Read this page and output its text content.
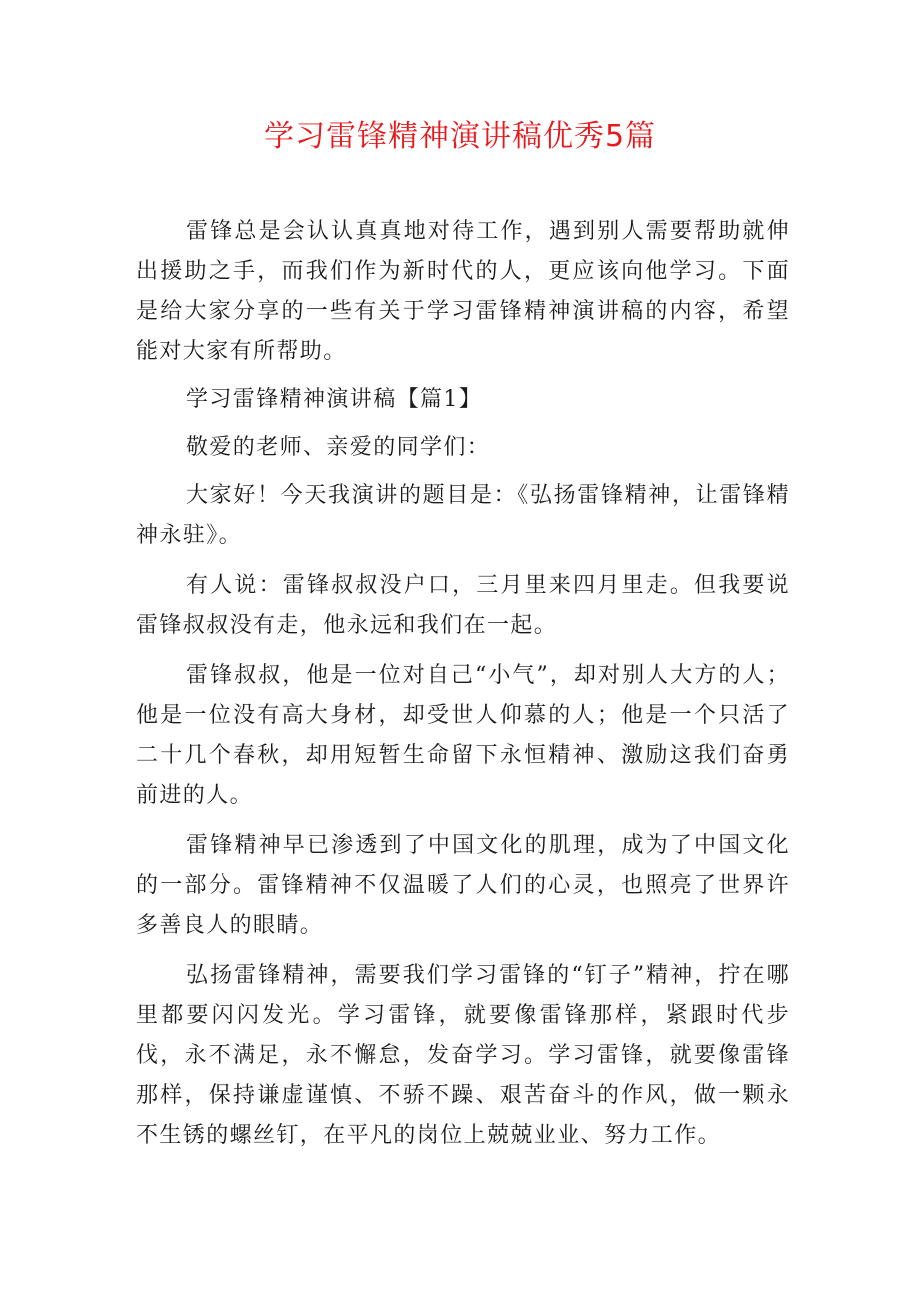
学习雷锋精神演讲稿优秀5篇

雷锋总是会认认真真地对待工作，遇到别人需要帮助就伸出援助之手，而我们作为新时代的人，更应该向他学习。下面是给大家分享的一些有关于学习雷锋精神演讲稿的内容，希望能对大家有所帮助。

学习雷锋精神演讲稿【篇1】

敬爱的老师、亲爱的同学们：

大家好！今天我演讲的题目是：《弘扬雷锋精神，让雷锋精神永驻》。

有人说：雷锋叔叔没户口，三月里来四月里走。但我要说雷锋叔叔没有走，他永远和我们在一起。

雷锋叔叔，他是一位对自己“小气”，却对别人大方的人；他是一位没有高大身材，却受世人仰慕的人；他是一个只活了二十几个春秋，却用短暂生命留下永恒精神、激励这我们奋勇前进的人。

雷锋精神早已渗透到了中国文化的肌理，成为了中国文化的一部分。雷锋精神不仅温暖了人们的心灵，也照亮了世界许多善良人的眼睛。

弘扬雷锋精神，需要我们学习雷锋的“钉子”精神，拧在哪里都要闪闪发光。学习雷锋，就要像雷锋那样，紧跟时代步伐，永不满足，永不懈怠，发奋学习。学习雷锋，就要像雷锋那样，保持谦虚谨慎、不骄不躁、艰苦奋斗的作风，做一颗永不生锈的螺丝钉，在平凡的岗位上兢兢业业、努力工作。
